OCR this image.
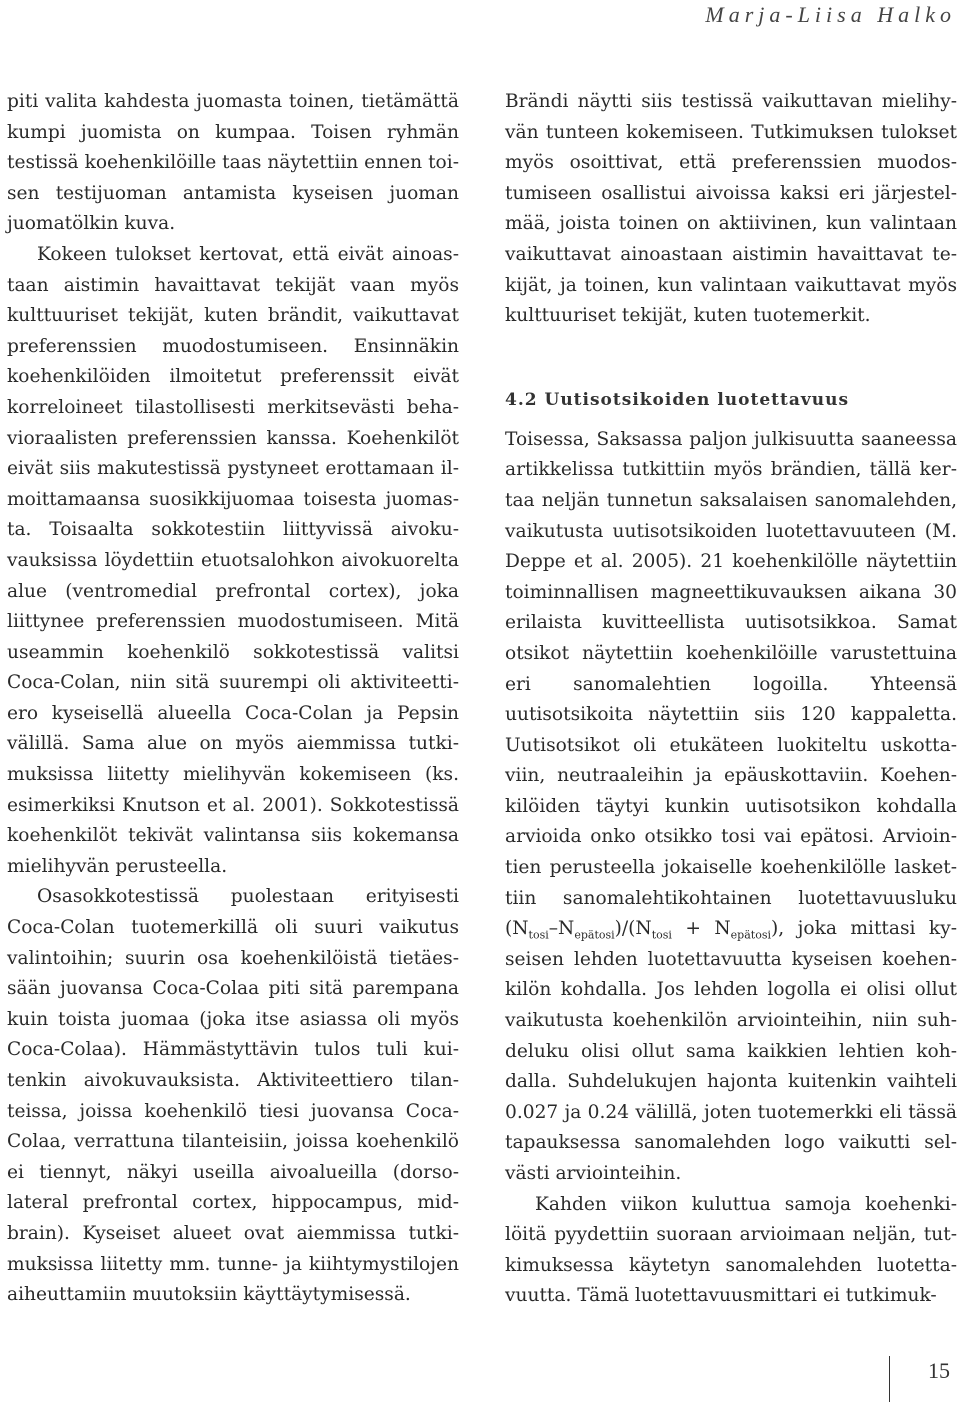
Marja-Liisa Halko

piti valita kahdesta juomasta toinen, tietämättä kumpi juomista on kumpaa. Toisen ryhmän testissä koehenkilöille taas näytettiin ennen toisen testijuoman antamista kyseisen juoman juomatölkin kuva.

Kokeen tulokset kertovat, että eivät ainoastaan aistimin havaittavat tekijät vaan myös kulttuuriset tekijät, kuten brändit, vaikuttavat preferenssien muodostumiseen. Ensinnäkin koehenkilöiden ilmoitetut preferenssit eivät korreloineet tilastollisesti merkitsevästi behavioraalisten preferenssien kanssa. Koehenkilöt eivät siis makutestissä pystyneet erottamaan ilmoittamaansa suosikkijuomaa toisesta juomasta. Toisaalta sokkotestiin liittyvissä aivokuvauksissa löydettiin etuotsalohkon aivokuorelta alue (ventromedial prefrontal cortex), joka liittynee preferenssien muodostumiseen. Mitä useammin koehenkilö sokkotestissä valitsi Coca-Colan, niin sitä suurempi oli aktiviteettiero kyseisellä alueella Coca-Colan ja Pepsin välillä. Sama alue on myös aiemmissa tutkimuksissa liitetty mielihyvän kokemiseen (ks. esimerkiksi Knutson et al. 2001). Sokkotestissä koehenkilöt tekivät valintansa siis kokemansa mielihyvän perusteella.

Osasokkotestissä puolestaan erityisesti Coca-Colan tuotemerkillä oli suuri vaikutus valintoihin; suurin osa koehenkilöistä tietäessään juovansa Coca-Colaa piti sitä parempana kuin toista juomaa (joka itse asiassa oli myös Coca-Colaa). Hämmästyttävin tulos tuli kuitenkin aivokuvauksista. Aktiviteettiero tilanteissa, joissa koehenkilö tiesi juovansa Coca-Colaa, verrattuna tilanteisiin, joissa koehenkilö ei tiennyt, näkyi useilla aivoalueilla (dorsolateral prefrontal cortex, hippocampus, midbrain). Kyseiset alueet ovat aiemmissa tutkimuksissa liitetty mm. tunne- ja kiihtymystilojen aiheuttamiin muutoksiin käyttäytymisessä.

Brändi näytti siis testissä vaikuttavan mielihyvän tunteen kokemiseen. Tutkimuksen tulokset myös osoittivat, että preferenssien muodostumiseen osallistui aivoissa kaksi eri järjestelmää, joista toinen on aktiivinen, kun valintaan vaikuttavat ainoastaan aistimin havaittavat tekijät, ja toinen, kun valintaan vaikuttavat myös kulttuuriset tekijät, kuten tuotemerkit.

4.2 Uutisotsikoiden luotettavuus

Toisessa, Saksassa paljon julkisuutta saaneessa artikkelissa tutkittiin myös brändien, tällä kertaa neljän tunnetun saksalaisen sanomalehden, vaikutusta uutisotsikoiden luotettavuuteen (M. Deppe et al. 2005). 21 koehenkilölle näytettiin toiminnallisen magneettikuvauksen aikana 30 erilaista kuvitteellista uutisotsikkoa. Samat otsikot näytettiin koehenkilöille varustettuina eri sanomalehtien logoilla. Yhteensä uutisotsikoita näytettiin siis 120 kappaletta. Uutisotsikot oli etukäteen luokiteltu uskottaviin, neutraaleihin ja epäuskottaviin. Koehenkilöiden täytyi kunkin uutisotsikon kohdalla arvioida onko otsikko tosi vai epätosi. Arviointien perusteella jokaiselle koehenkilölle laskettiin sanomalehtikohtainen luotettavuusluku $(N_{tosi}-N_{epätosi})/(N_{tosi} + N_{epätosi})$, joka mittasi kyseisen lehden luotettavuutta kyseisen koehenkilön kohdalla. Jos lehden logolla ei olisi ollut vaikutusta koehenkilön arviointeihin, niin suhdeluku olisi ollut sama kaikkien lehtien kohdalla. Suhdelukujen hajonta kuitenkin vaihteli 0.027 ja 0.24 välillä, joten tuotemerkki eli tässä tapauksessa sanomalehden logo vaikutti selvästi arviointeihin.

Kahden viikon kuluttua samoja koehenkilöitä pyydettiin suoraan arvioimaan neljän, tutkimuksessa käytetyn sanomalehden luotettavuutta. Tämä luotettavuusmittari ei tutkimuk-

15
